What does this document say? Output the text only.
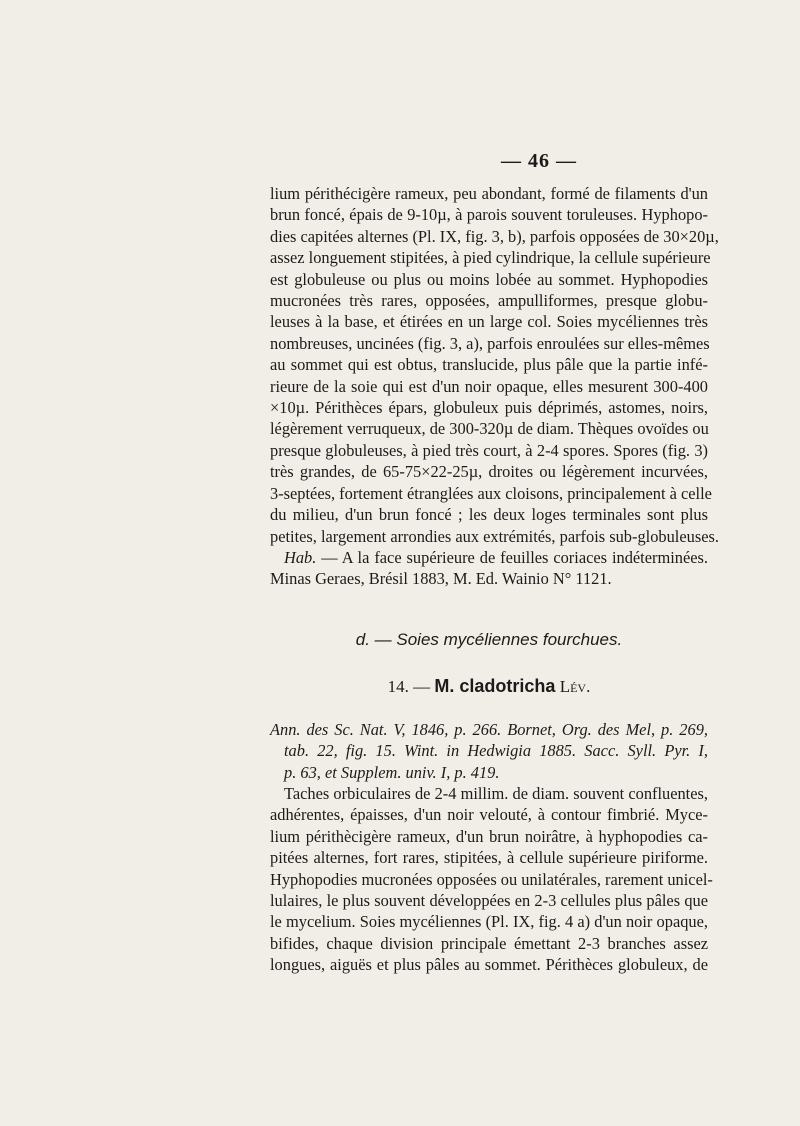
— 46 —

lium périthécigère rameux, peu abondant, formé de filaments d'un
brun foncé, épais de 9-10µ, à parois souvent toruleuses. Hyphopo-
dies capitées alternes (Pl. IX, fig. 3, b), parfois opposées de 30×20µ,
assez longuement stipitées, à pied cylindrique, la cellule supérieure
est globuleuse ou plus ou moins lobée au sommet. Hyphopodies
mucronées très rares, opposées, ampulliformes, presque globu-
leuses à la base, et étirées en un large col. Soies mycéliennes très
nombreuses, uncinées (fig. 3, a), parfois enroulées sur elles-mêmes
au sommet qui est obtus, translucide, plus pâle que la partie infé-
rieure de la soie qui est d'un noir opaque, elles mesurent 300-400
×10µ. Périthèces épars, globuleux puis déprimés, astomes, noirs,
légèrement verruqueux, de 300-320µ de diam. Thèques ovoïdes ou
presque globuleuses, à pied très court, à 2-4 spores. Spores (fig. 3)
très grandes, de 65-75×22-25µ, droites ou légèrement incurvées,
3-septées, fortement étranglées aux cloisons, principalement à celle
du milieu, d'un brun foncé ; les deux loges terminales sont plus
petites, largement arrondies aux extrémités, parfois sub-globuleuses.
Hab. — A la face supérieure de feuilles coriaces indéterminées.
Minas Geraes, Brésil 1883, M. Ed. Wainio N° 1121.

d. — Soies mycéliennes fourchues.
14. — M. cladotricha Lév.
Ann. des Sc. Nat. V, 1846, p. 266. Bornet, Org. des Mel, p. 269,
tab. 22, fig. 15. Wint. in Hedwigia 1885. Sacc. Syll. Pyr. I,
p. 63, et Supplem. univ. I, p. 419.

Taches orbiculaires de 2-4 millim. de diam. souvent confluentes,
adhérentes, épaisses, d'un noir velouté, à contour fimbrié. Myce-
lium périthècigère rameux, d'un brun noirâtre, à hyphopodies ca-
pitées alternes, fort rares, stipitées, à cellule supérieure piriforme.
Hyphopodies mucronées opposées ou unilatérales, rarement unicel-
lulaires, le plus souvent développées en 2-3 cellules plus pâles que
le mycelium. Soies mycéliennes (Pl. IX, fig. 4 a) d'un noir opaque,
bifides, chaque division principale émettant 2-3 branches assez
longues, aiguës et plus pâles au sommet. Périthèces globuleux, de
